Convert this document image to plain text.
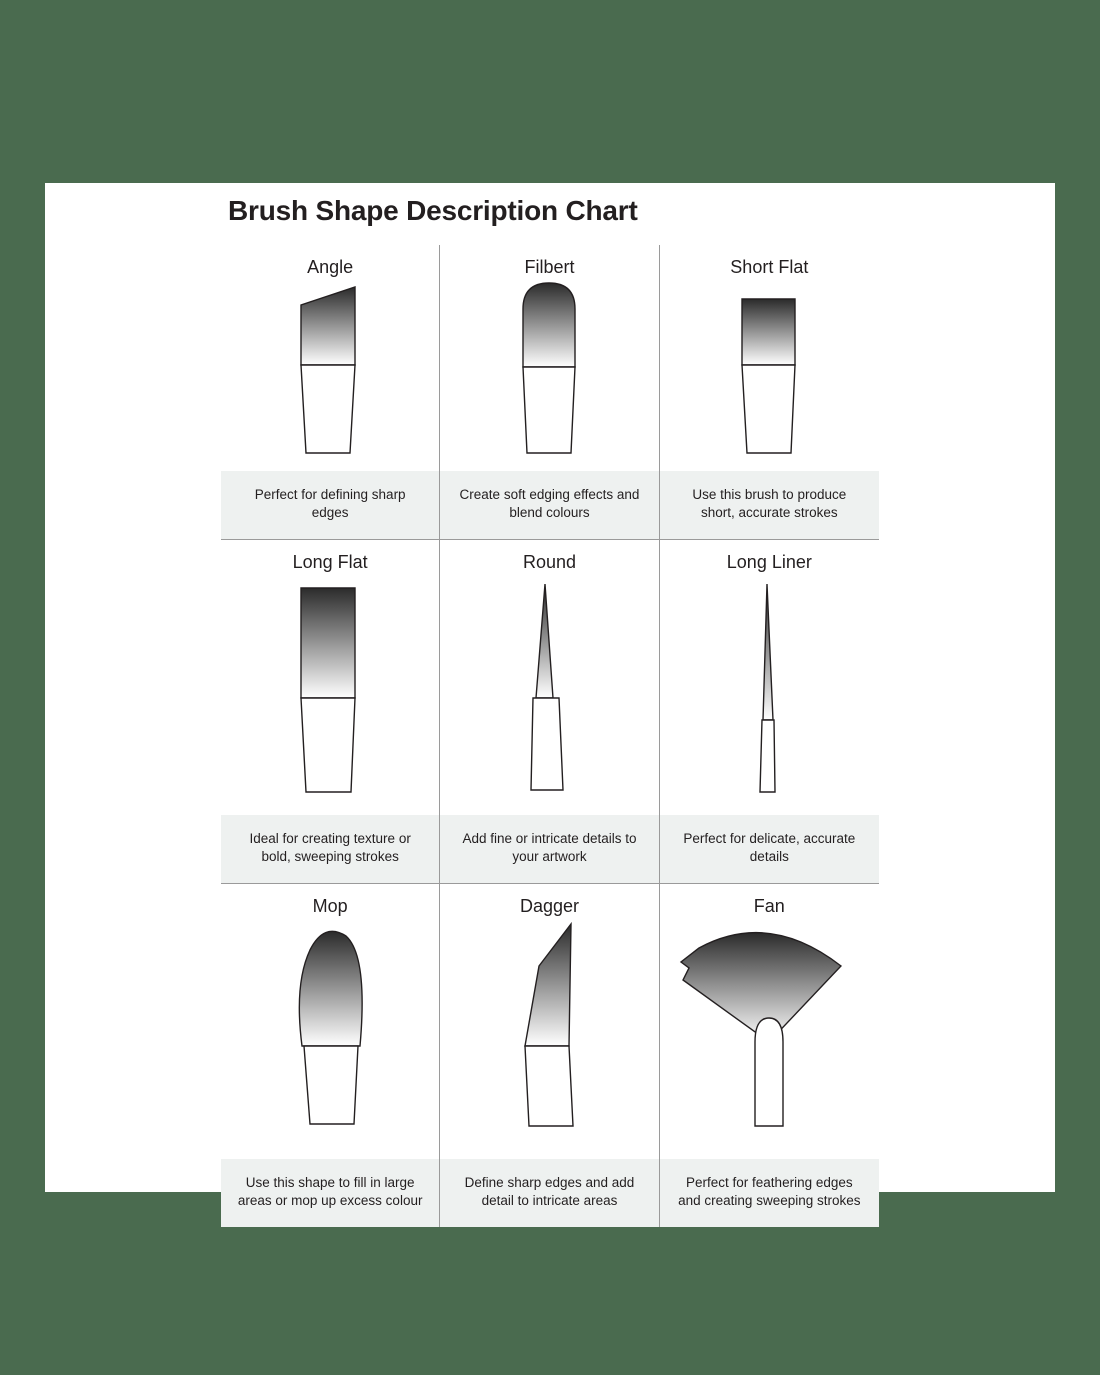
Brush Shape Description Chart
Angle
Perfect for defining sharp edges
Filbert
Create soft edging effects and blend colours
Short Flat
Use this brush to produce short, accurate strokes
Long Flat
Ideal for creating texture or bold, sweeping strokes
Round
Add fine or intricate details to your artwork
Long Liner
Perfect for delicate, accurate details
Mop
Use this shape to fill in large areas or mop up excess colour
Dagger
Define sharp edges and add detail to intricate areas
Fan
Perfect for feathering edges and creating sweeping strokes
